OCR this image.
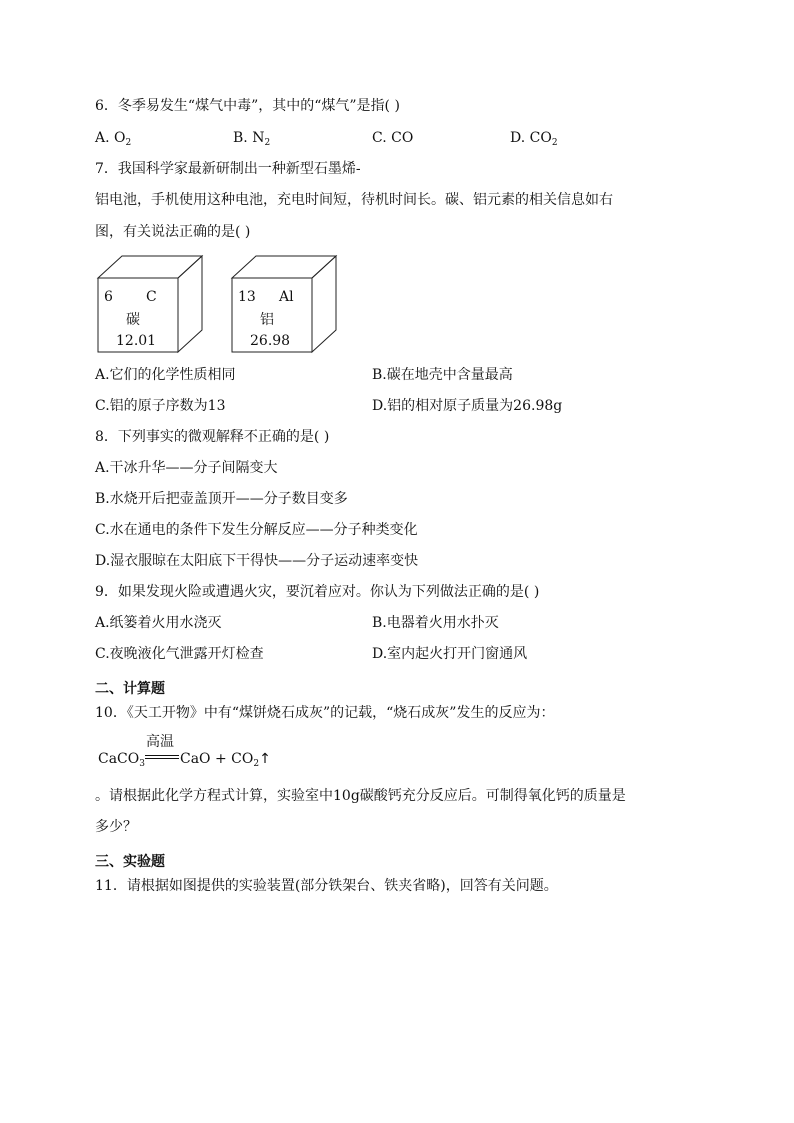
6．冬季易发生“煤气中毒”，其中的“煤气”是指( )
A. $O_2$	B. $N_2$	C. CO	D. $CO_2$
7．我国科学家最新研制出一种新型石墨烯-
铝电池，手机使用这种电池，充电时间短，待机时间长。碳、铝元素的相关信息如右
图，有关说法正确的是( )
6 C
碳
12.01
13 Al
铝
26.98
A.它们的化学性质相同	B.碳在地壳中含量最高
C.铝的原子序数为13	D.铝的相对原子质量为26.98g
8．下列事实的微观解释不正确的是( )
A.干冰升华——分子间隔变大
B.水烧开后把壶盖顶开——分子数目变多
C.水在通电的条件下发生分解反应——分子种类变化
D.湿衣服晾在太阳底下干得快——分子运动速率变快
9．如果发现火险或遭遇火灾，要沉着应对。你认为下列做法正确的是( )
A.纸篓着火用水浇灭	B.电器着火用水扑灭
C.夜晚液化气泄露开灯检查	D.室内起火打开门窗通风
二、计算题
10．《天工开物》中有“煤饼烧石成灰”的记载，“烧石成灰”发生的反应为：
CaCO$_3$
高温
CaO + $CO_2↑$
。请根据此化学方程式计算，实验室中10g碳酸钙充分反应后。可制得氧化钙的质量是
多少？
三、实验题
11．请根据如图提供的实验装置(部分铁架台、铁夹省略)，回答有关问题。
